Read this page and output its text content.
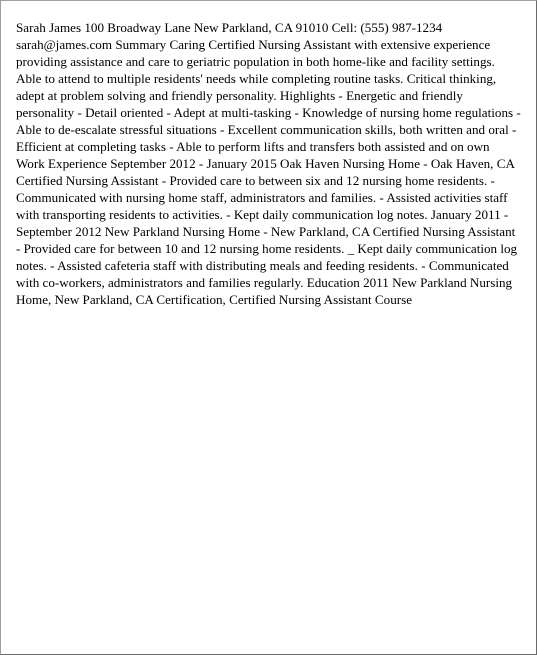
Sarah James 100 Broadway Lane New Parkland, CA 91010 Cell: (555) 987-1234 sarah@james.com Summary Caring Certified Nursing Assistant with extensive experience providing assistance and care to geriatric population in both home-like and facility settings. Able to attend to multiple residents' needs while completing routine tasks. Critical thinking, adept at problem solving and friendly personality. Highlights - Energetic and friendly personality - Detail oriented - Adept at multi-tasking - Knowledge of nursing home regulations - Able to de-escalate stressful situations - Excellent communication skills, both written and oral - Efficient at completing tasks - Able to perform lifts and transfers both assisted and on own Work Experience September 2012 - January 2015 Oak Haven Nursing Home - Oak Haven, CA Certified Nursing Assistant - Provided care to between six and 12 nursing home residents. - Communicated with nursing home staff, administrators and families. - Assisted activities staff with transporting residents to activities. - Kept daily communication log notes. January 2011 - September 2012 New Parkland Nursing Home - New Parkland, CA Certified Nursing Assistant - Provided care for between 10 and 12 nursing home residents. _ Kept daily communication log notes. - Assisted cafeteria staff with distributing meals and feeding residents. - Communicated with co-workers, administrators and families regularly. Education 2011 New Parkland Nursing Home, New Parkland, CA Certification, Certified Nursing Assistant Course
